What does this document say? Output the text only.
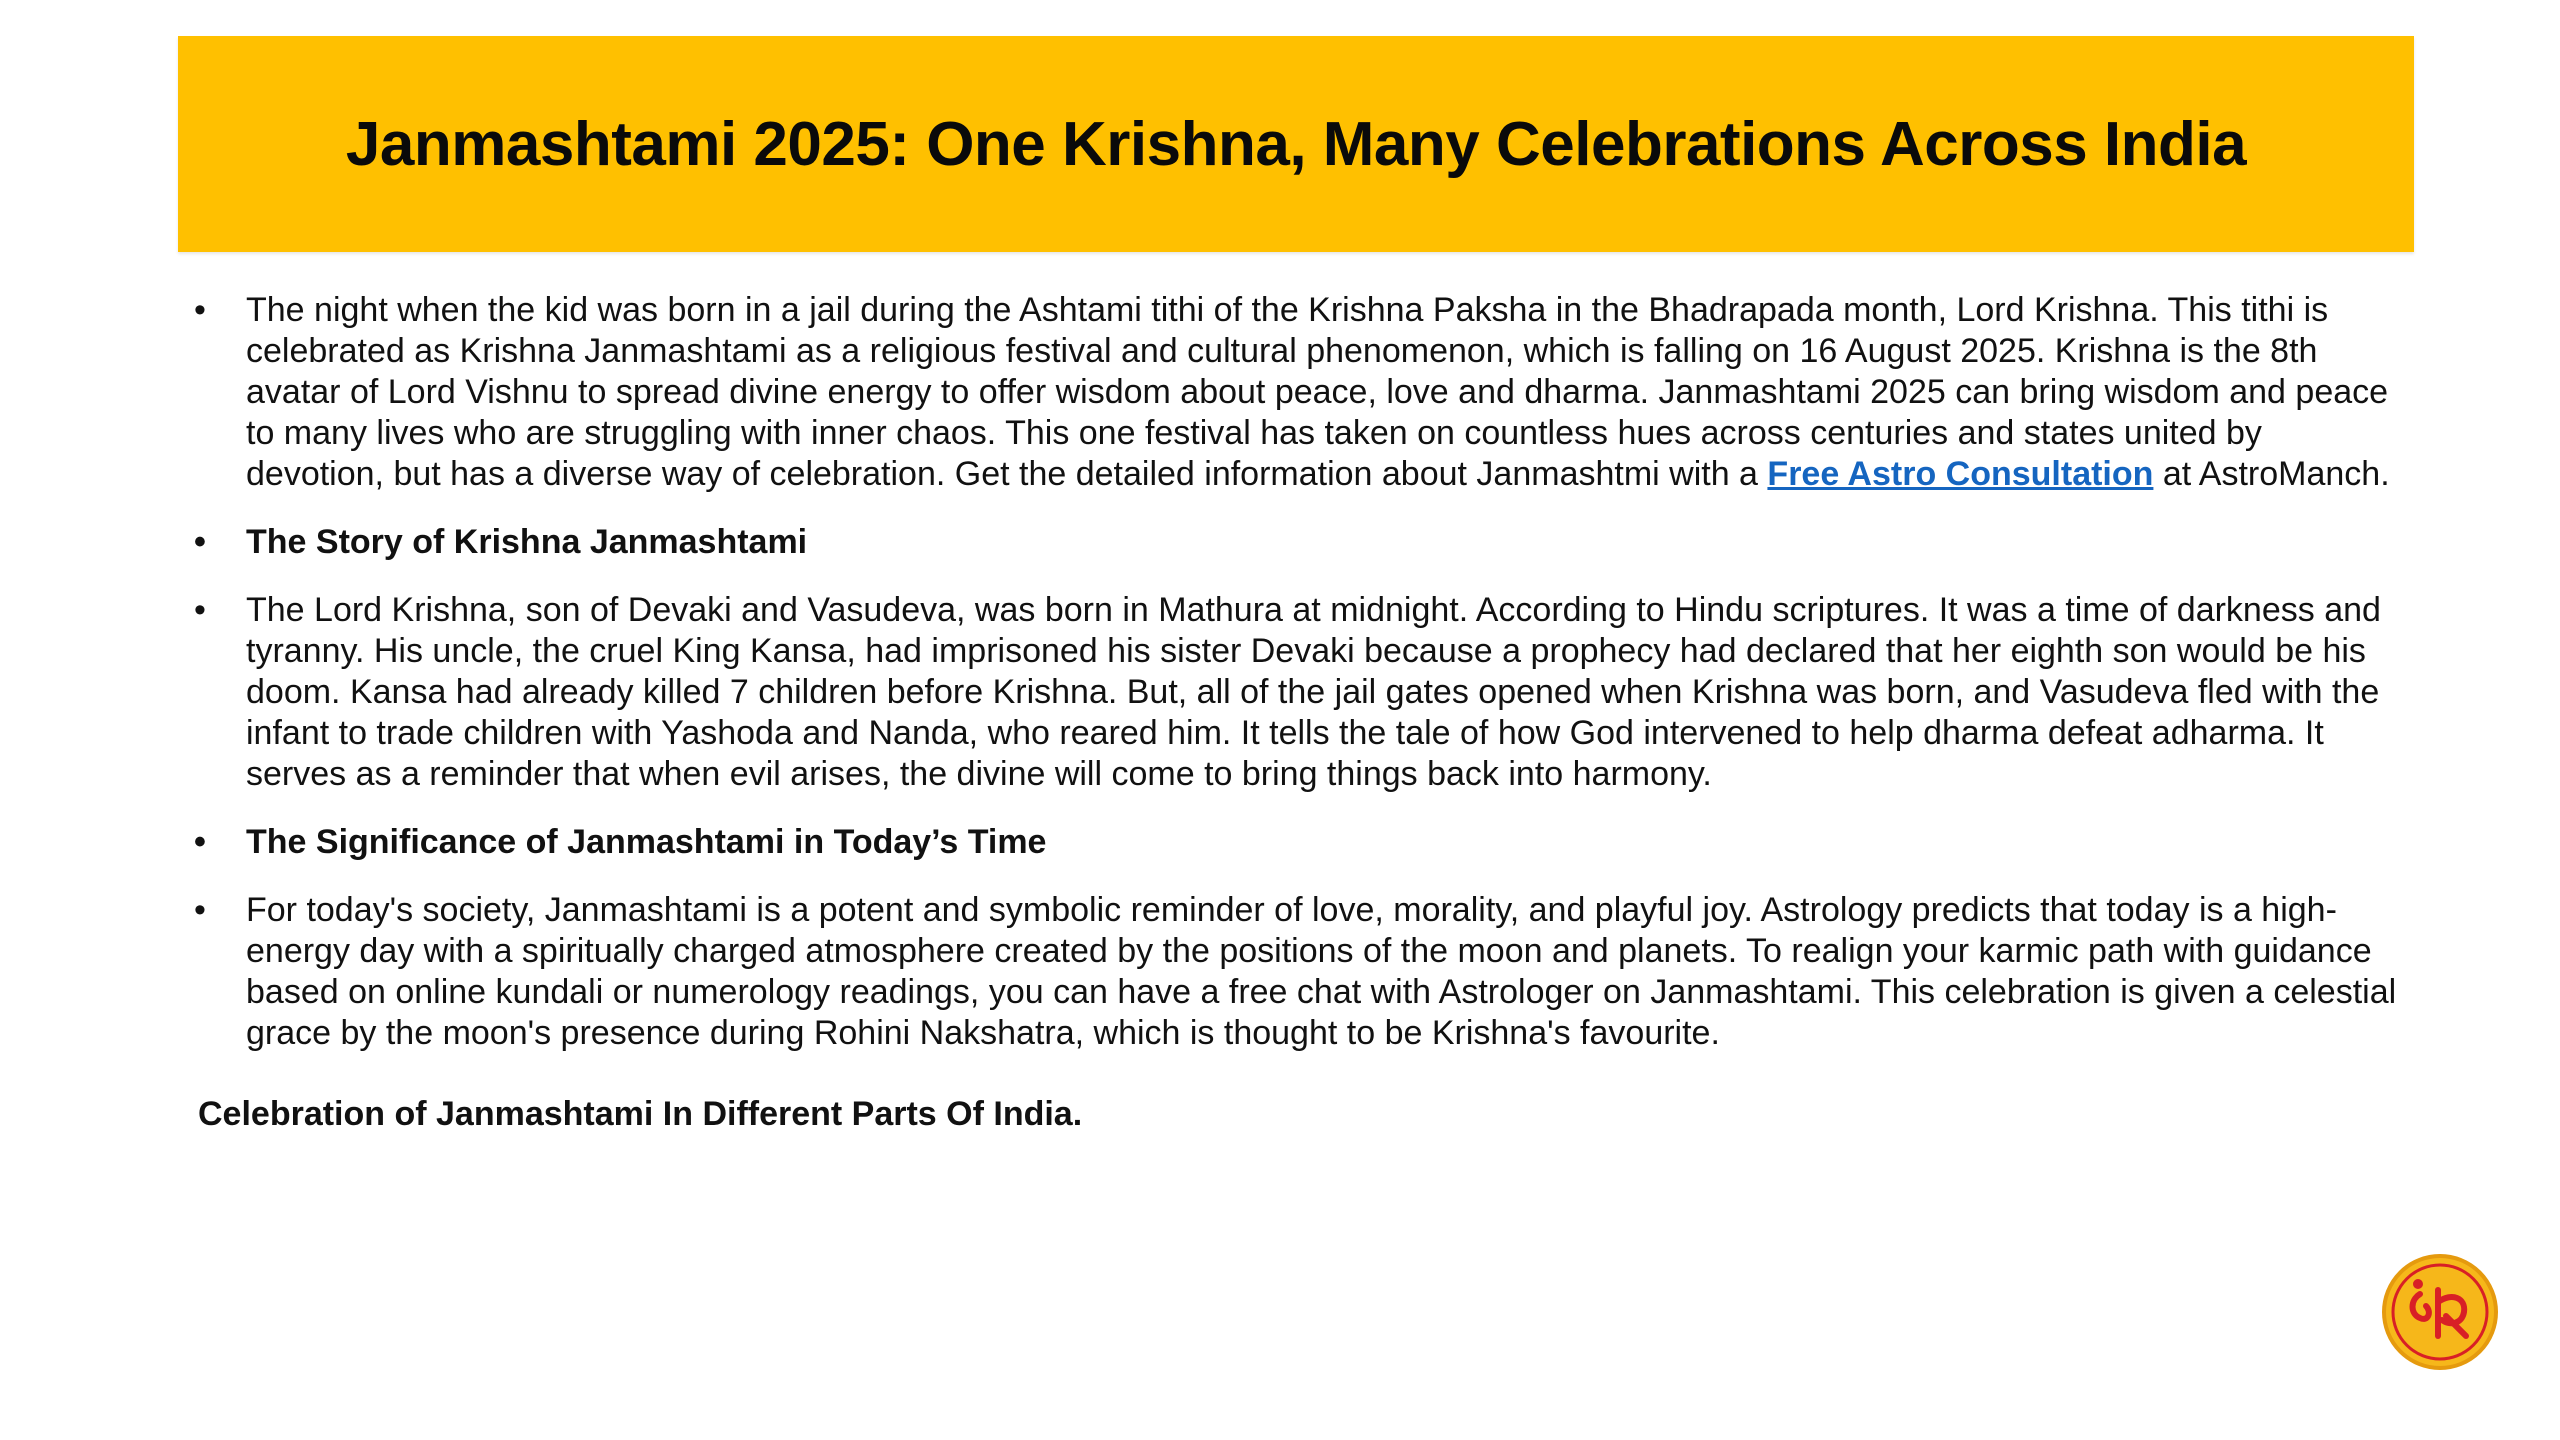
Janmashtami 2025: One Krishna, Many Celebrations Across India
• The night when the kid was born in a jail during the Ashtami tithi of the Krishna Paksha in the Bhadrapada month, Lord Krishna. This tithi is celebrated as Krishna Janmashtami as a religious festival and cultural phenomenon, which is falling on 16 August 2025. Krishna is the 8th avatar of Lord Vishnu to spread divine energy to offer wisdom about peace, love and dharma. Janmashtami 2025 can bring wisdom and peace to many lives who are struggling with inner chaos. This one festival has taken on countless hues across centuries and states united by devotion, but has a diverse way of celebration. Get the detailed information about Janmashtmi with a Free Astro Consultation at AstroManch.
• The Story of Krishna Janmashtami
• The Lord Krishna, son of Devaki and Vasudeva, was born in Mathura at midnight. According to Hindu scriptures. It was a time of darkness and tyranny. His uncle, the cruel King Kansa, had imprisoned his sister Devaki because a prophecy had declared that her eighth son would be his doom. Kansa had already killed 7 children before Krishna. But, all of the jail gates opened when Krishna was born, and Vasudeva fled with the infant to trade children with Yashoda and Nanda, who reared him. It tells the tale of how God intervened to help dharma defeat adharma. It serves as a reminder that when evil arises, the divine will come to bring things back into harmony.
• The Significance of Janmashtami in Today’s Time
• For today's society, Janmashtami is a potent and symbolic reminder of love, morality, and playful joy. Astrology predicts that today is a high-energy day with a spiritually charged atmosphere created by the positions of the moon and planets. To realign your karmic path with guidance based on online kundali or numerology readings, you can have a free chat with Astrologer on Janmashtami. This celebration is given a celestial grace by the moon's presence during Rohini Nakshatra, which is thought to be Krishna's favourite.
Celebration of Janmashtami In Different Parts Of India.
